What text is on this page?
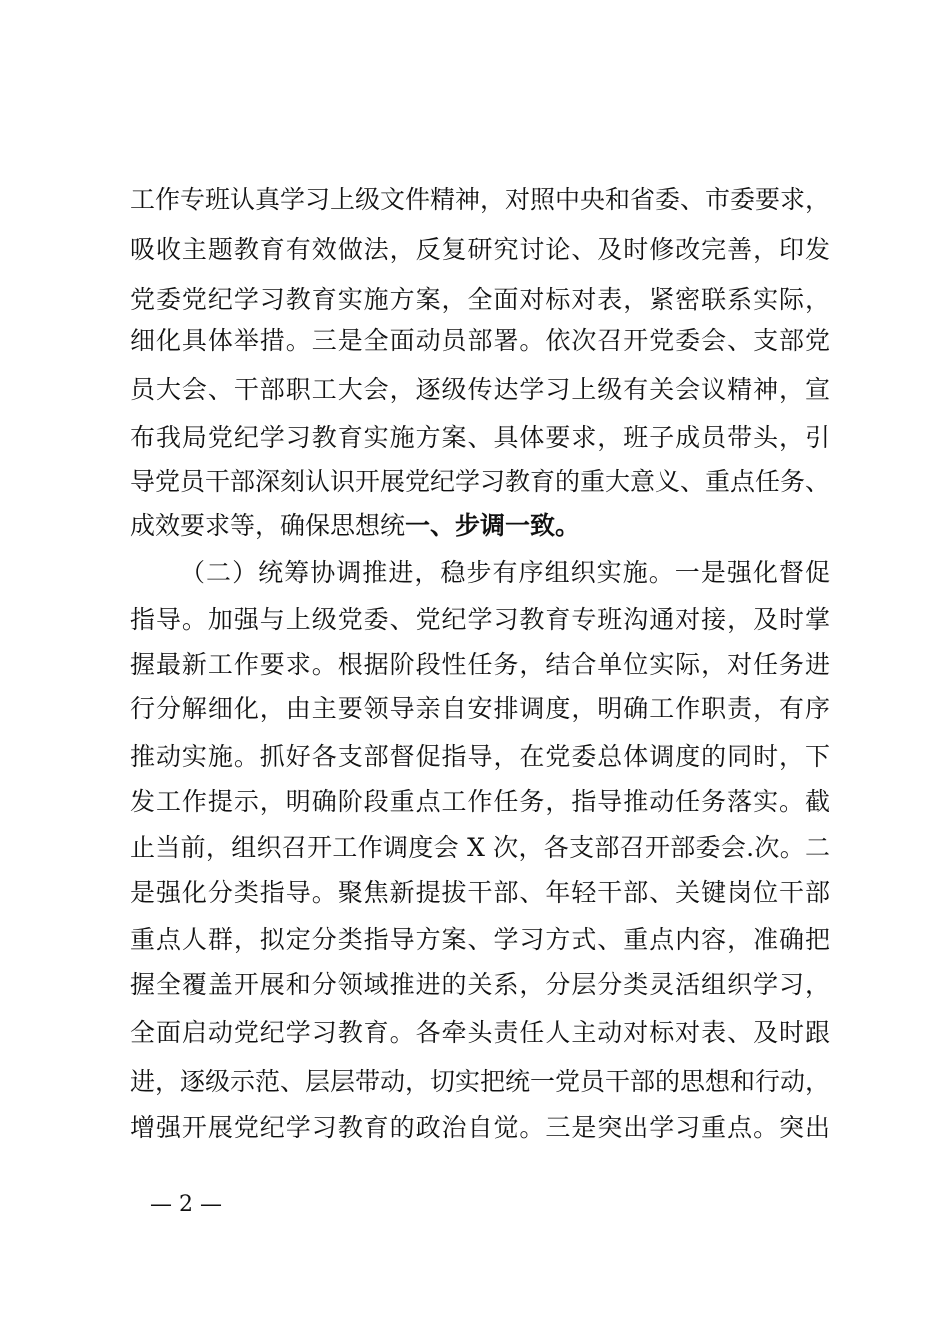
工作专班认真学习上级文件精神，对照中央和省委、市委要求，
吸收主题教育有效做法，反复研究讨论、及时修改完善，印发
党委党纪学习教育实施方案，全面对标对表，紧密联系实际，
细化具体举措。三是全面动员部署。依次召开党委会、支部党
员大会、干部职工大会，逐级传达学习上级有关会议精神，宣
布我局党纪学习教育实施方案、具体要求，班子成员带头，引
导党员干部深刻认识开展党纪学习教育的重大意义、重点任务、
成效要求等，确保思想统一、步调一致。
（二）统筹协调推进，稳步有序组织实施。一是强化督促
指导。加强与上级党委、党纪学习教育专班沟通对接，及时掌
握最新工作要求。根据阶段性任务，结合单位实际，对任务进
行分解细化，由主要领导亲自安排调度，明确工作职责，有序
推动实施。抓好各支部督促指导，在党委总体调度的同时，下
发工作提示，明确阶段重点工作任务，指导推动任务落实。截
止当前，组织召开工作调度会 X 次，各支部召开部委会.次。二
是强化分类指导。聚焦新提拔干部、年轻干部、关键岗位干部
重点人群，拟定分类指导方案、学习方式、重点内容，准确把
握全覆盖开展和分领域推进的关系，分层分类灵活组织学习，
全面启动党纪学习教育。各牵头责任人主动对标对表、及时跟
进，逐级示范、层层带动，切实把统一党员干部的思想和行动，
增强开展党纪学习教育的政治自觉。三是突出学习重点。突出
— 2 —
